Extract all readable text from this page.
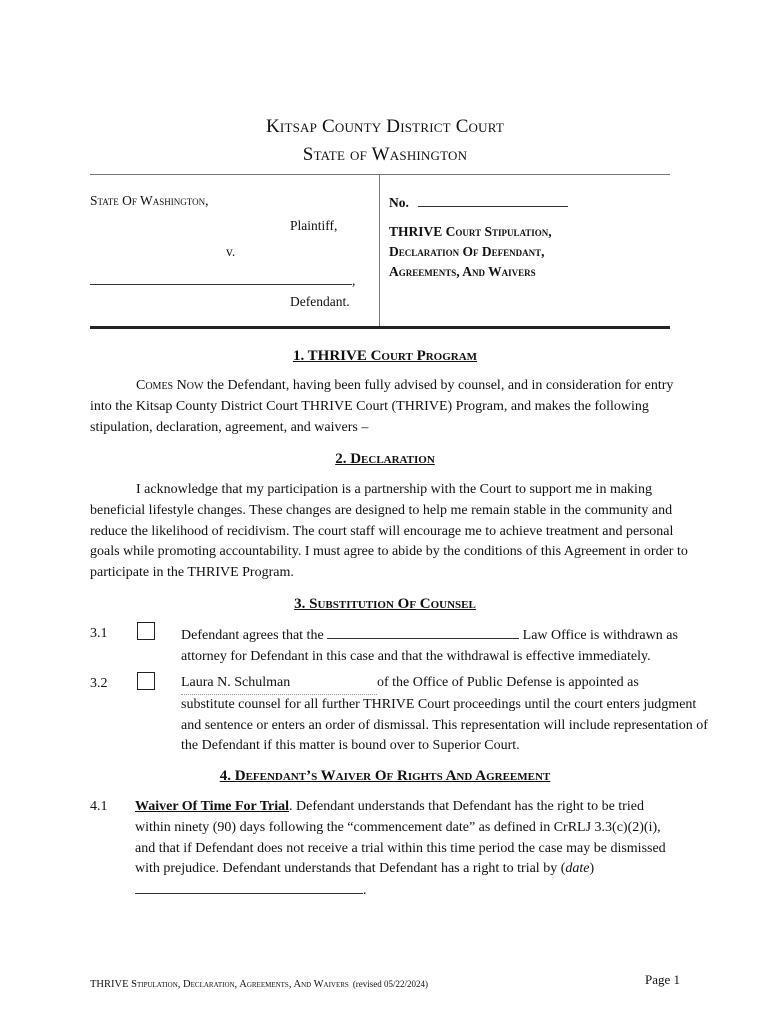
Kitsap County District Court
State of Washington
State Of Washington,
Plaintiff,
v.
,
Defendant.
No.
THRIVE Court Stipulation,
Declaration Of Defendant,
Agreements, And Waivers
1. THRIVE Court Program
Comes Now the Defendant, having been fully advised by counsel, and in consideration for entry into the Kitsap County District Court THRIVE Court (THRIVE) Program, and makes the following stipulation, declaration, agreement, and waivers –
2. Declaration
I acknowledge that my participation is a partnership with the Court to support me in making beneficial lifestyle changes. These changes are designed to help me remain stable in the community and reduce the likelihood of recidivism. The court staff will encourage me to achieve treatment and personal goals while promoting accountability. I must agree to abide by the conditions of this Agreement in order to participate in the THRIVE Program.
3. Substitution Of Counsel
3.1	Defendant agrees that the	Law Office is withdrawn as
attorney for Defendant in this case and that the withdrawal is effective immediately.
3.2	Laura N. Schulman	of the Office of Public Defense is appointed as
substitute counsel for all further THRIVE Court proceedings until the court enters judgment and sentence or enters an order of dismissal. This representation will include representation of the Defendant if this matter is bound over to Superior Court.
4. Defendant’s Waiver Of Rights And Agreement
4.1 Waiver Of Time For Trial. Defendant understands that Defendant has the right to be tried within ninety (90) days following the “commencement date” as defined in CrRLJ 3.3(c)(2)(i), and that if Defendant does not receive a trial within this time period the case may be dismissed with prejudice. Defendant understands that Defendant has a right to trial by (date) .
THRIVE Stipulation, Declaration, Agreements, And Waivers (revised 05/22/2024)	Page 1
